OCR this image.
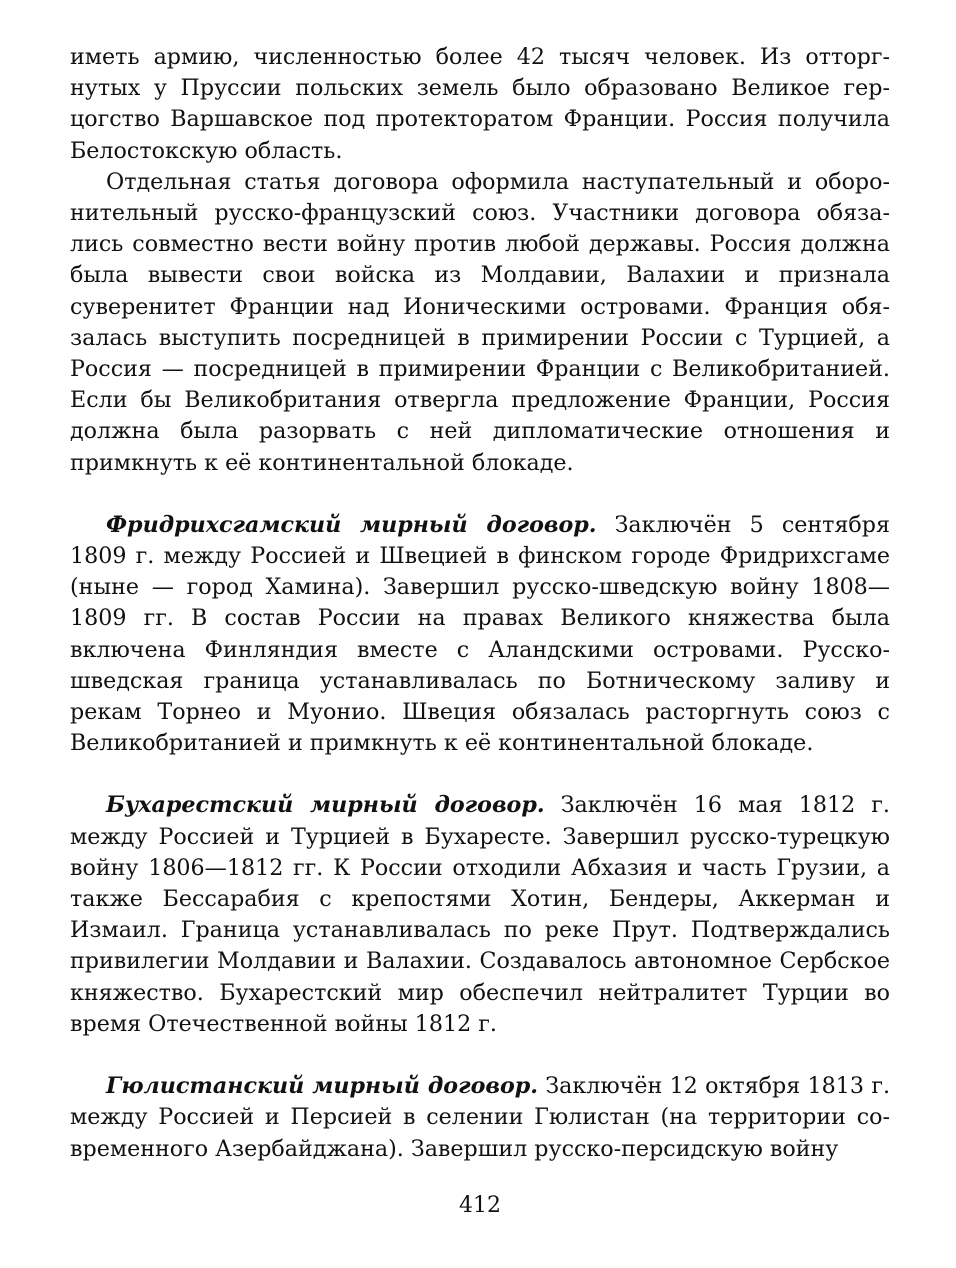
иметь армию, численностью более 42 тысяч человек. Из отторгнутых у Пруссии польских земель было образовано Великое герцогство Варшавское под протекторатом Франции. Россия получила Белостокскую область.

Отдельная статья договора оформила наступательный и оборонительный русско-французский союз. Участники договора обязались совместно вести войну против любой державы. Россия должна была вывести свои войска из Молдавии, Валахии и признала суверенитет Франции над Ионическими островами. Франция обязалась выступить посредницей в примирении России с Турцией, а Россия — посредницей в примирении Франции с Великобританией. Если бы Великобритания отвергла предложение Франции, Россия должна была разорвать с ней дипломатические отношения и примкнуть к её континентальной блокаде.

Фридрихсгамский мирный договор. Заключён 5 сентября 1809 г. между Россией и Швецией в финском городе Фридрихсгаме (ныне — город Хамина). Завершил русско-шведскую войну 1808—1809 гг. В состав России на правах Великого княжества была включена Финляндия вместе с Аландскими островами. Русско-шведская граница устанавливалась по Ботническому заливу и рекам Торнео и Муонио. Швеция обязалась расторгнуть союз с Великобританией и примкнуть к её континентальной блокаде.

Бухарестский мирный договор. Заключён 16 мая 1812 г. между Россией и Турцией в Бухаресте. Завершил русско-турецкую войну 1806—1812 гг. К России отходили Абхазия и часть Грузии, а также Бессарабия с крепостями Хотин, Бендеры, Аккерман и Измаил. Граница устанавливалась по реке Прут. Подтверждались привилегии Молдавии и Валахии. Создавалось автономное Сербское княжество. Бухарестский мир обеспечил нейтралитет Турции во время Отечественной войны 1812 г.

Гюлистанский мирный договор. Заключён 12 октября 1813 г. между Россией и Персией в селении Гюлистан (на территории современного Азербайджана). Завершил русско-персидскую войну

412
